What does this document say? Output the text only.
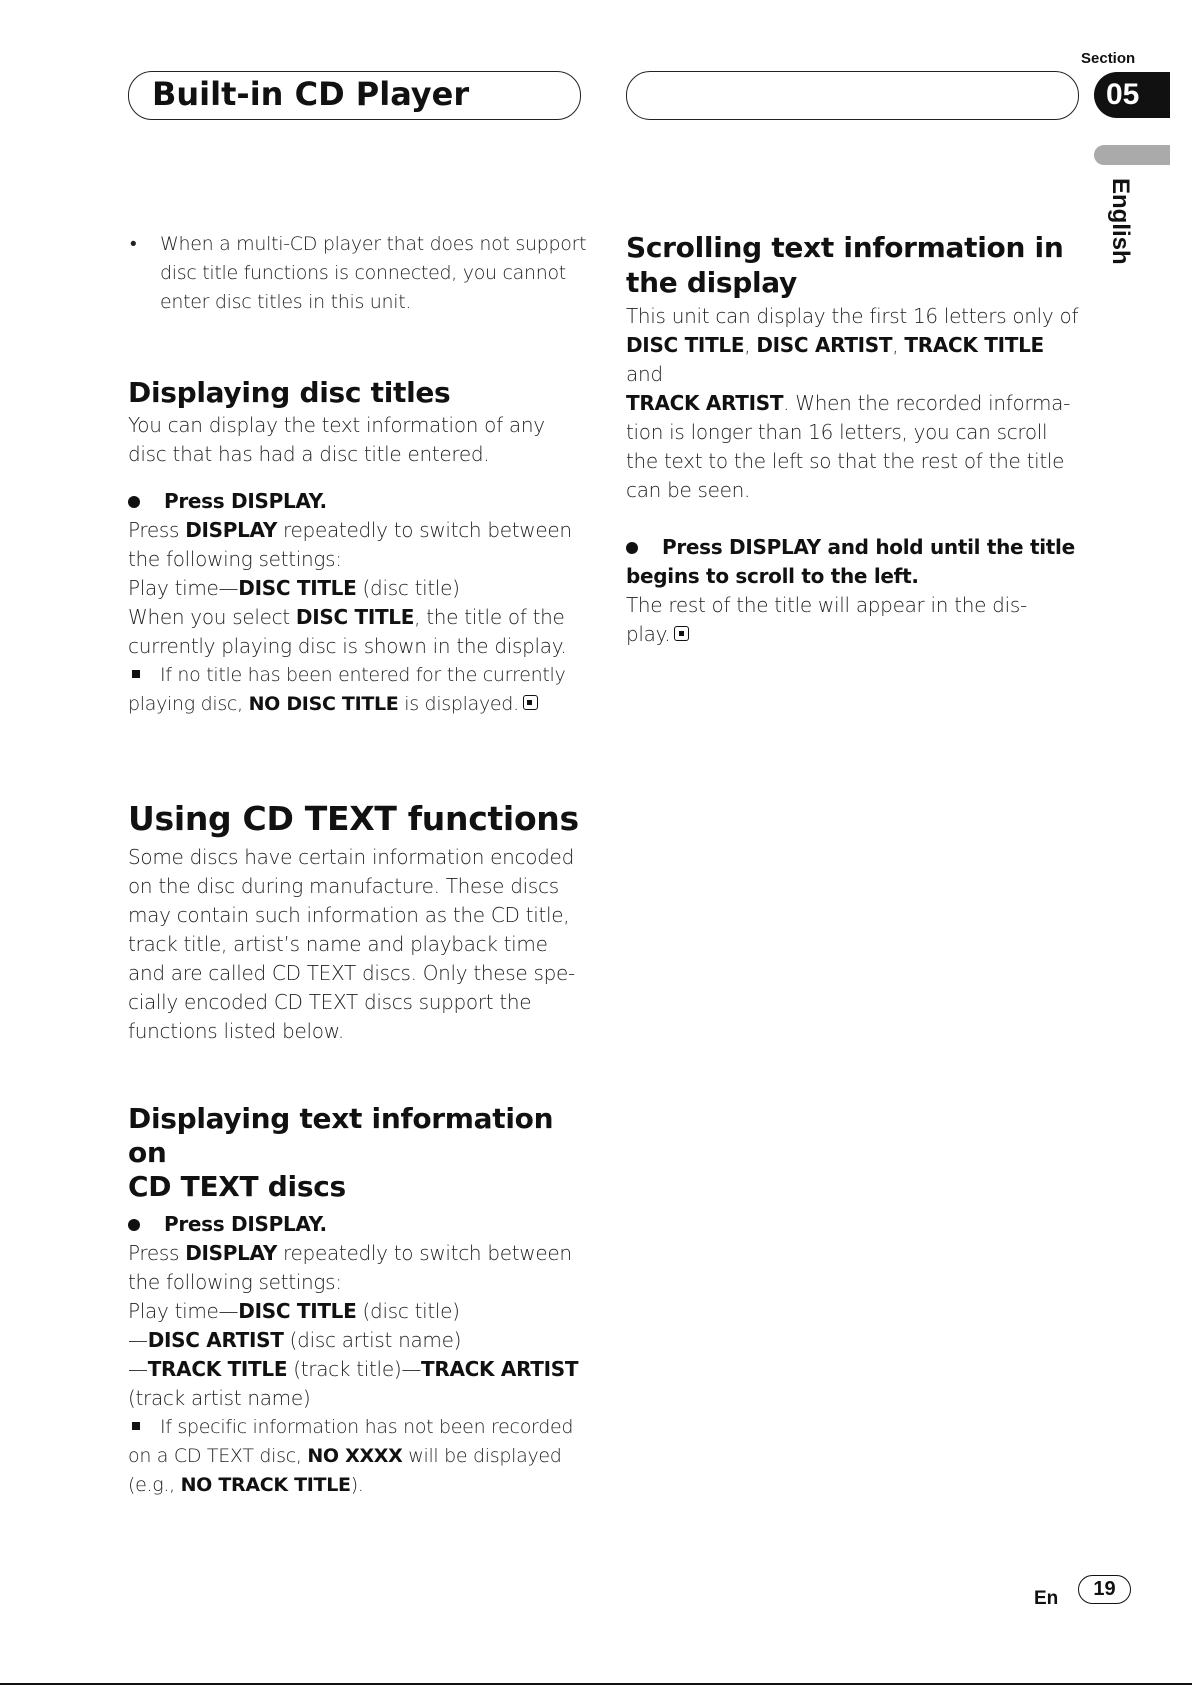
Built-in CD Player
Section
05
English
•	When a multi-CD player that does not support

disc title functions is connected, you cannot

enter disc titles in this unit.

Displaying disc titles

You can display the text information of any

disc that has had a disc title entered.

Press DISPLAY.

Press DISPLAY repeatedly to switch between

the following settings:

Play time—DISC TITLE (disc title)

When you select DISC TITLE, the title of the

currently playing disc is shown in the display.

If no title has been entered for the currently

playing disc, NO DISC TITLE is displayed.

Using CD TEXT functions

Some discs have certain information encoded

on the disc during manufacture. These discs

may contain such information as the CD title,

track title, artist’s name and playback time

and are called CD TEXT discs. Only these spe-

cially encoded CD TEXT discs support the

functions listed below.

Displaying text information on
CD TEXT discs

Press DISPLAY.

Press DISPLAY repeatedly to switch between

the following settings:

Play time—DISC TITLE (disc title)

—DISC ARTIST (disc artist name)

—TRACK TITLE (track title)—TRACK ARTIST

(track artist name)

If specific information has not been recorded

on a CD TEXT disc, NO XXXX will be displayed

(e.g., NO TRACK TITLE).

Scrolling text information in
the display

This unit can display the first 16 letters only of

DISC TITLE, DISC ARTIST, TRACK TITLE and

TRACK ARTIST. When the recorded informa-

tion is longer than 16 letters, you can scroll

the text to the left so that the rest of the title

can be seen.

Press DISPLAY and hold until the title

begins to scroll to the left.

The rest of the title will appear in the dis-

play.

En	19
